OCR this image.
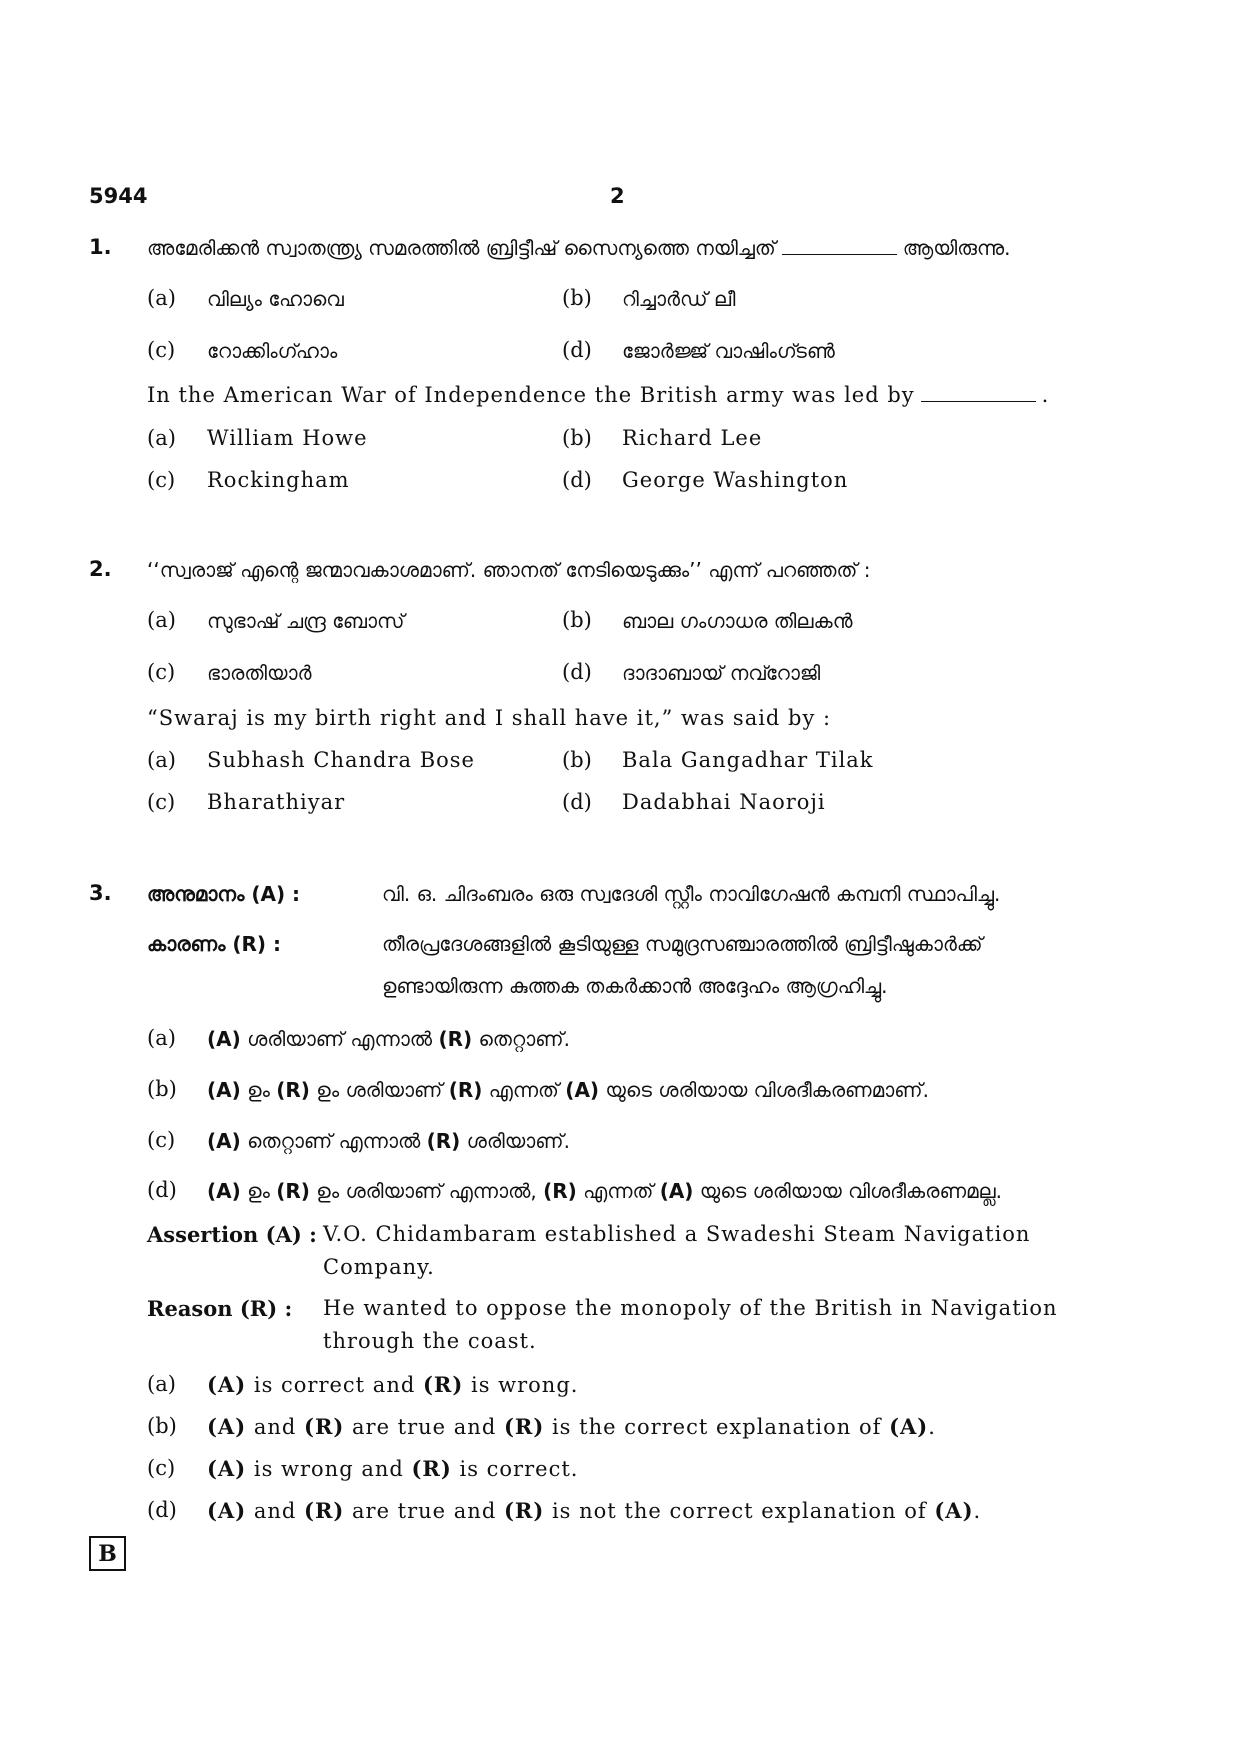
5944	2
1. അമേരിക്കൻ സ്വാതന്ത്ര്യ സമരത്തിൽ ബ്രിട്ടീഷ് സൈന്യത്തെ നയിച്ചത്	ആയിരുന്നു.
(a) വില്യം ഹോവെ	(b) റിച്ചാർഡ് ലീ
(c) റോക്കിംഗ്ഹാം	(d) ജോർജ്ജ് വാഷിംഗ്ടൺ
In the American War of Independence the British army was led by	.
(a) William Howe	(b) Richard Lee
(c) Rockingham	(d) George Washington
2. ‘‘സ്വരാജ് എന്റെ ജന്മാവകാശമാണ്. ഞാനത് നേടിയെടുക്കും’’ എന്ന് പറഞ്ഞത് :
(a) സുഭാഷ് ചന്ദ്ര ബോസ്	(b) ബാല ഗംഗാധര തിലകൻ
(c) ഭാരതിയാർ	(d) ദാദാബായ് നവ്റോജി
“Swaraj is my birth right and I shall have it,” was said by :
(a) Subhash Chandra Bose	(b) Bala Gangadhar Tilak
(c) Bharathiyar	(d) Dadabhai Naoroji
3. അനുമാനം (A) :	വി. ഒ. ചിദംബരം ഒരു സ്വദേശി സ്റ്റീം നാവിഗേഷൻ കമ്പനി സ്ഥാപിച്ചു.
കാരണം (R) :	തീരപ്രദേശങ്ങളിൽ കൂടിയുള്ള സമുദ്രസഞ്ചാരത്തിൽ ബ്രിട്ടീഷുകാർക്ക്
ഉണ്ടായിരുന്ന കുത്തക തകർക്കാൻ അദ്ദേഹം ആഗ്രഹിച്ചു.
(a) (A) ശരിയാണ് എന്നാൽ (R) തെറ്റാണ്.
(b) (A) ഉം (R) ഉം ശരിയാണ് (R) എന്നത് (A) യുടെ ശരിയായ വിശദീകരണമാണ്.
(c) (A) തെറ്റാണ് എന്നാൽ (R) ശരിയാണ്.
(d) (A) ഉം (R) ഉം ശരിയാണ് എന്നാൽ, (R) എന്നത് (A) യുടെ ശരിയായ വിശദീകരണമല്ല.
Assertion (A) : V.O. Chidambaram established a Swadeshi Steam Navigation
Company.
Reason (R) : He wanted to oppose the monopoly of the British in Navigation
through the coast.
(a) (A) is correct and (R) is wrong.
(b) (A) and (R) are true and (R) is the correct explanation of (A).
(c) (A) is wrong and (R) is correct.
(d) (A) and (R) are true and (R) is not the correct explanation of (A).
B
